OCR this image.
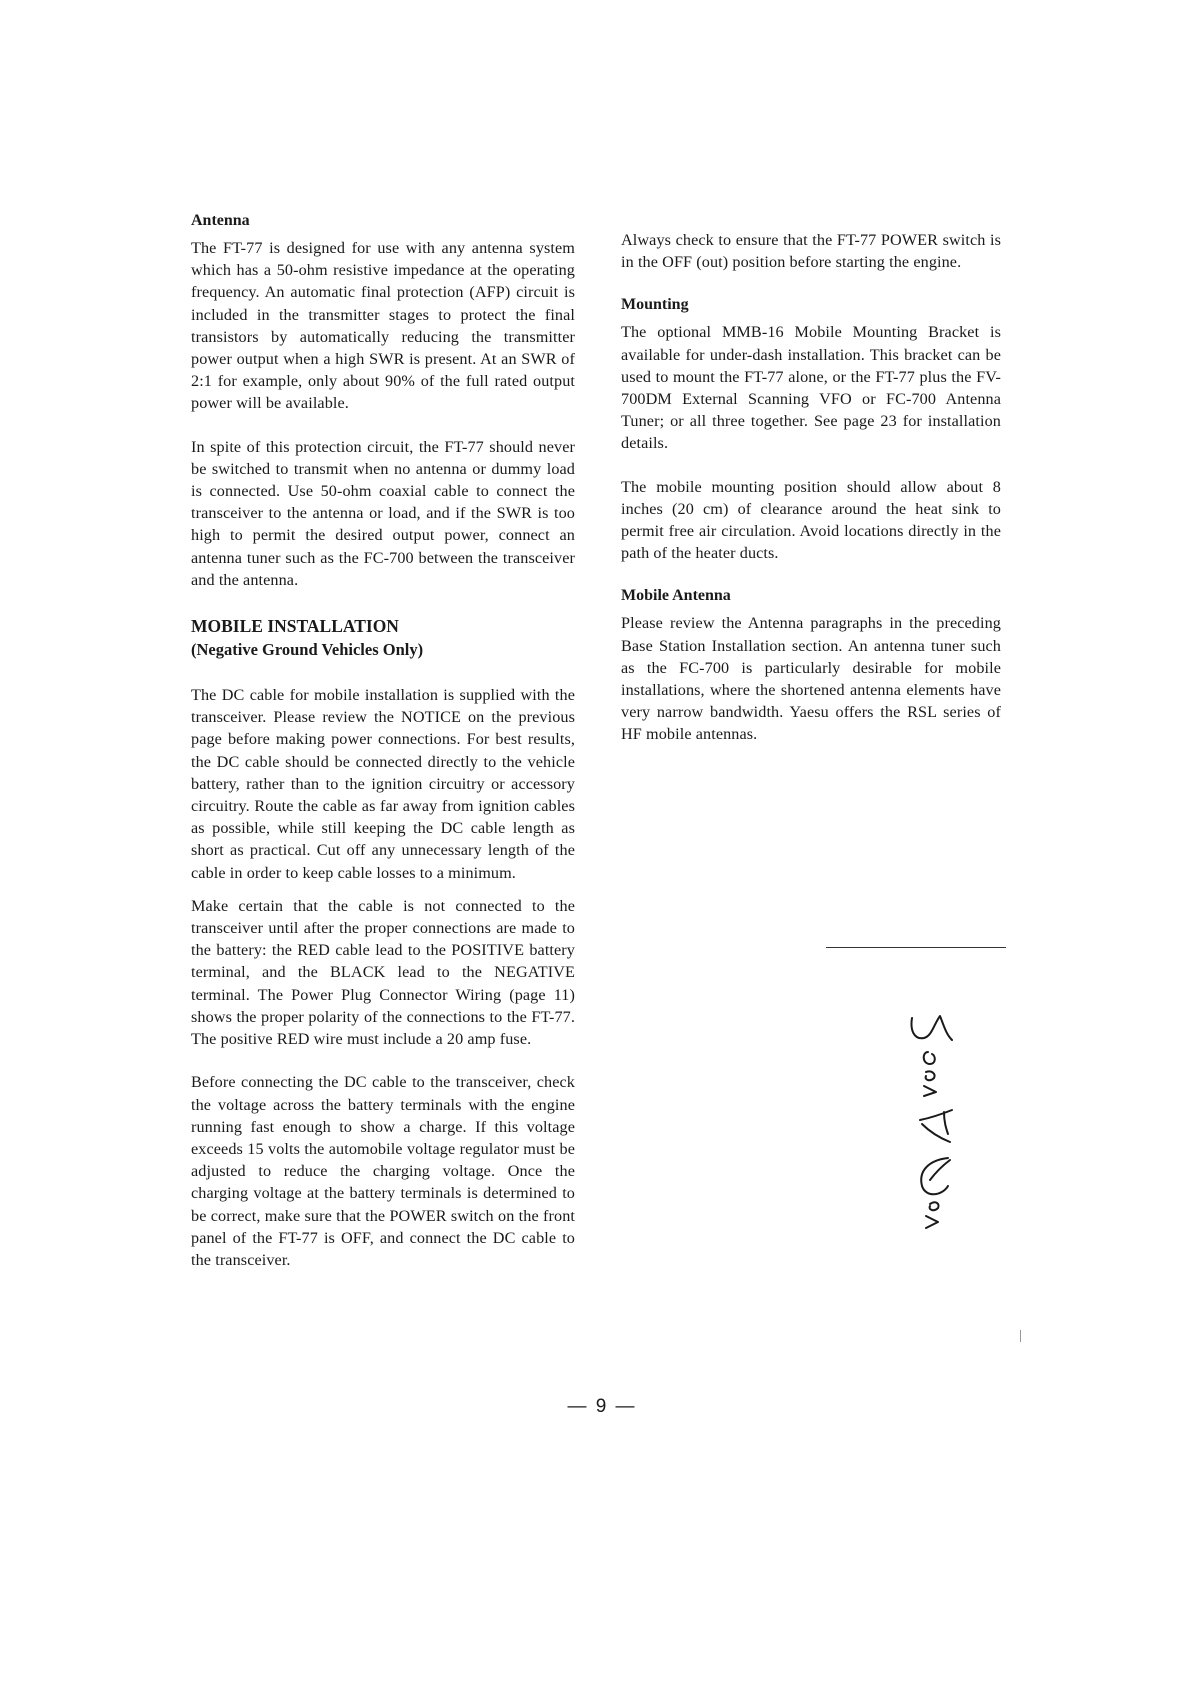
Antenna

The FT-77 is designed for use with any antenna system which has a 50-ohm resistive impedance at the operating frequency. An automatic final protection (AFP) circuit is included in the transmitter stages to protect the final transistors by automatically reducing the transmitter power output when a high SWR is present. At an SWR of 2:1 for example, only about 90% of the full rated output power will be available.

In spite of this protection circuit, the FT-77 should never be switched to transmit when no antenna or dummy load is connected. Use 50-ohm coaxial cable to connect the transceiver to the antenna or load, and if the SWR is too high to permit the desired output power, connect an antenna tuner such as the FC-700 between the transceiver and the antenna.

MOBILE INSTALLATION
(Negative Ground Vehicles Only)

The DC cable for mobile installation is supplied with the transceiver. Please review the NOTICE on the previous page before making power connections. For best results, the DC cable should be connected directly to the vehicle battery, rather than to the ignition circuitry or accessory circuitry. Route the cable as far away from ignition cables as possible, while still keeping the DC cable length as short as practical. Cut off any unnecessary length of the cable in order to keep cable losses to a minimum.

Make certain that the cable is not connected to the transceiver until after the proper connections are made to the battery: the RED cable lead to the POSITIVE battery terminal, and the BLACK lead to the NEGATIVE terminal. The Power Plug Connector Wiring (page 11) shows the proper polarity of the connections to the FT-77. The positive RED wire must include a 20 amp fuse.

Before connecting the DC cable to the transceiver, check the voltage across the battery terminals with the engine running fast enough to show a charge. If this voltage exceeds 15 volts the automobile voltage regulator must be adjusted to reduce the charging voltage. Once the charging voltage at the battery terminals is determined to be correct, make sure that the POWER switch on the front panel of the FT-77 is OFF, and connect the DC cable to the transceiver.

Always check to ensure that the FT-77 POWER switch is in the OFF (out) position before starting the engine.

Mounting

The optional MMB-16 Mobile Mounting Bracket is available for under-dash installation. This bracket can be used to mount the FT-77 alone, or the FT-77 plus the FV-700DM External Scanning VFO or FC-700 Antenna Tuner; or all three together. See page 23 for installation details.

The mobile mounting position should allow about 8 inches (20 cm) of clearance around the heat sink to permit free air circulation. Avoid locations directly in the path of the heater ducts.

Mobile Antenna

Please review the Antenna paragraphs in the preceding Base Station Installation section. An antenna tuner such as the FC-700 is particularly desirable for mobile installations, where the shortened antenna elements have very narrow bandwidth. Yaesu offers the RSL series of HF mobile antennas.

— 9 —
